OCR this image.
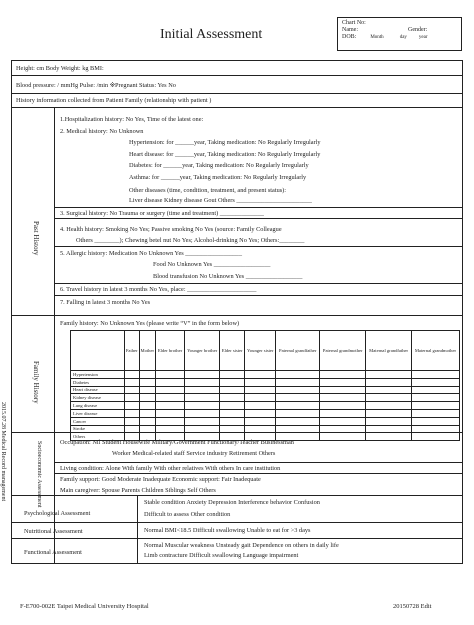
Initial Assessment
Chart No:
Name:	Gender:
DOB:	Month	day year
Height: cm Body Weight: kg BMI:
Blood pressure: / mmHg Pulse: /min ※Pregnant Status: Yes No
History information collected from Patient Family (relationship with patient )
Past History
1.Hospitalization history: No Yes, Time of the latest one:
2. Medical history: No Unknown
Hypertension: for ______year, Taking medication: No Regularly Irregularly
Heart disease: for ______year, Taking medication: No Regularly Irregularly
Diabetes: for ______year, Taking medication: No Regularly Irregularly
Asthma: for ______year, Taking medication: No Regularly Irregularly
Other diseases (time, condition, treatment, and present status):
Liver disease Kidney disease Gout Others ________________________
3. Surgical history: No Trauma or surgery (time and treatment) ______________
4. Health history: Smoking No Yes; Passive smoking No Yes (source: Family Colleague
Others ________); Chewing betel nut No Yes; Alcohol-drinking No Yes; Others:________
5. Allergic history: Medication No Unknown Yes __________________
Food No Unknown Yes __________________
Blood transfusion No Unknown Yes __________________
6. Travel history in latest 3 months No Yes, place: ______________________
7. Falling in latest 3 months No Yes
Family History
Family history: No Unknown Yes (please write “V” in the form below)
	Father	Mother	Elder brother	Younger brother	Elder sister	Younger sister	Paternal grandfather	Paternal grandmother	Maternal grandfather	Maternal grandmother
Hypertension										
Diabetes										
Heart disease										
Kidney disease										
Lung disease										
Liver disease										
Cancer										
Stroke										
Others										
Socioeconomic Assessment	Occupation: Nil Student Housewife Military/Government Functionary/Teacher Businessman
Worker Medical-related staff Service industry Retirement Others
Living condition: Alone With family With other relatives With others In care institution
Family support: Good Moderate Inadequate Economic support: Fair Inadequate
Main caregiver: Spouse Parents Children Siblings Self Others
Psychological Assessment
Stable condition Anxiety Depression Interference behavior Confusion
Difficult to assess Other condition
Nutritional Assessment	Normal BMI<18.5 Difficult swallowing Unable to eat for >3 days
Functional Assessment
Normal Muscular weakness Unsteady gait Dependence on others in daily life
Limb contracture Difficult swallowing Language impairment
2015.07.28 Medical Record management
F-E700-002E Taipei Medical University Hospital	20150728 Edit
